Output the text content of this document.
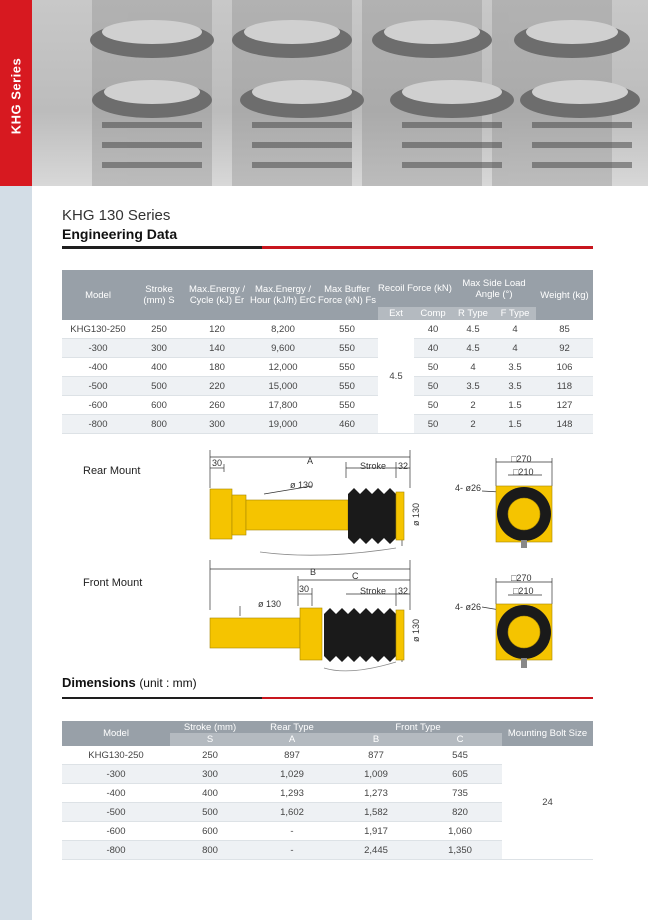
KHG Series
KHG 130 Series
Engineering Data
Model	Stroke (mm) S	Max.Energy / Cycle (kJ) Er	Max.Energy / Hour (kJ/h) ErC	Max Buffer Force (kN) Fs	Recoil Force (kN)		Max Side Load Angle (°)		Weight (kg)
					Ext	Comp	R Type	F Type	
KHG130-250	250	120	8,200	550	4.5	40	4.5	4	85
-300	300	140	9,600	550		40	4.5	4	92
-400	400	180	12,000	550		50	4	3.5	106
-500	500	220	15,000	550		50	3.5	3.5	118
-600	600	260	17,800	550		50	2	1.5	127
-800	800	300	19,000	460		50	2	1.5	148
Rear Mount
Front Mount
A
30	Stroke 32
ø 130
ø 130
□270
□210
4- ø26
B	C
30	Stroke 32
ø 130
ø 130
□270
□210
4- ø26
Dimensions (unit : mm)
Model	Stroke (mm)	Rear Type	Front Type		Mounting Bolt Size
	S	A	B	C	
KHG130-250	250	897	877	545	24
-300	300	1,029	1,009	605	
-400	400	1,293	1,273	735	
-500	500	1,602	1,582	820	
-600	600	-	1,917	1,060	
-800	800	-	2,445	1,350	
